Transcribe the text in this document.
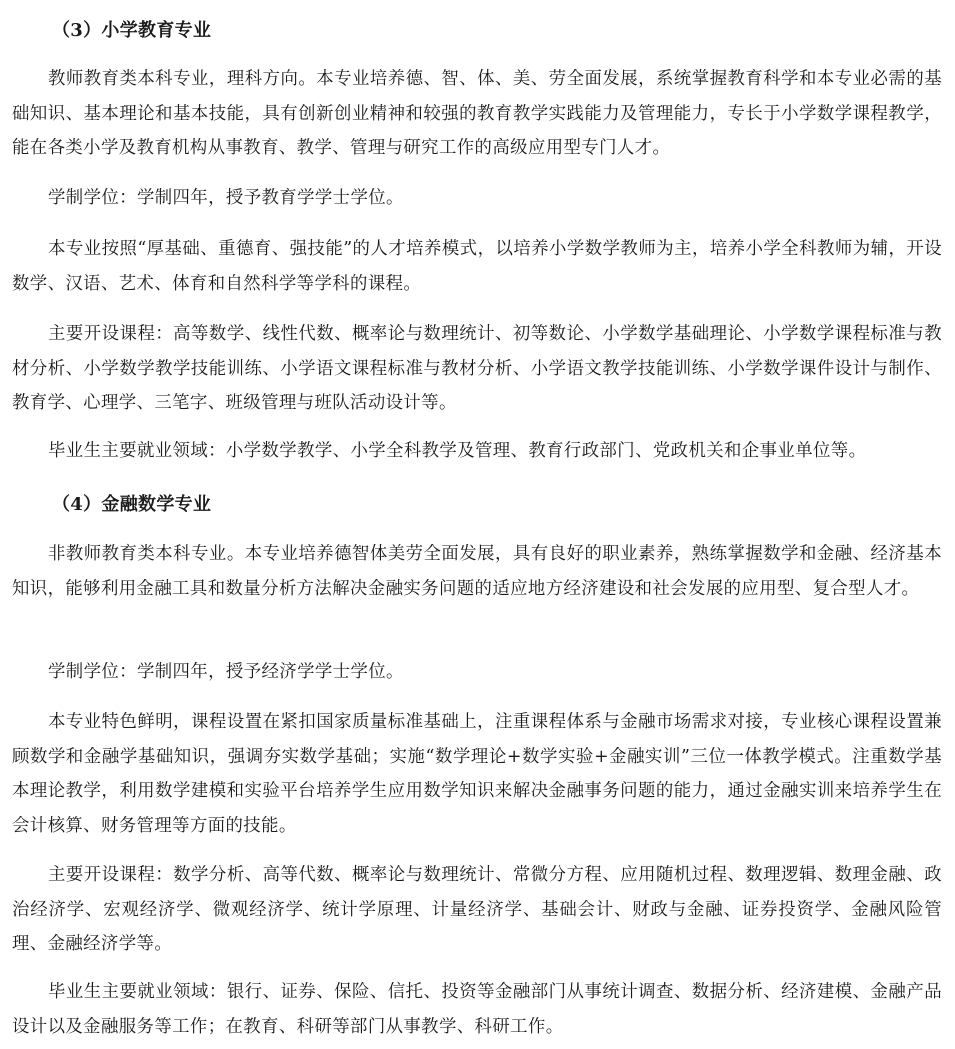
（3）小学教育专业

教师教育类本科专业，理科方向。本专业培养德、智、体、美、劳全面发展，系统掌握教育科学和本专业必需的基础知识、基本理论和基本技能，具有创新创业精神和较强的教育教学实践能力及管理能力，专长于小学数学课程教学，能在各类小学及教育机构从事教育、教学、管理与研究工作的高级应用型专门人才。

学制学位：学制四年，授予教育学学士学位。

本专业按照“厚基础、重德育、强技能”的人才培养模式，以培养小学数学教师为主，培养小学全科教师为辅，开设数学、汉语、艺术、体育和自然科学等学科的课程。

主要开设课程：高等数学、线性代数、概率论与数理统计、初等数论、小学数学基础理论、小学数学课程标准与教材分析、小学数学教学技能训练、小学语文课程标准与教材分析、小学语文教学技能训练、小学数学课件设计与制作、教育学、心理学、三笔字、班级管理与班队活动设计等。

毕业生主要就业领域：小学数学教学、小学全科教学及管理、教育行政部门、党政机关和企事业单位等。

（4）金融数学专业

非教师教育类本科专业。本专业培养德智体美劳全面发展，具有良好的职业素养，熟练掌握数学和金融、经济基本知识，能够利用金融工具和数量分析方法解决金融实务问题的适应地方经济建设和社会发展的应用型、复合型人才。

学制学位：学制四年，授予经济学学士学位。

本专业特色鲜明，课程设置在紧扣国家质量标准基础上，注重课程体系与金融市场需求对接，专业核心课程设置兼顾数学和金融学基础知识，强调夯实数学基础；实施“数学理论+数学实验+金融实训”三位一体教学模式。注重数学基本理论教学，利用数学建模和实验平台培养学生应用数学知识来解决金融事务问题的能力，通过金融实训来培养学生在会计核算、财务管理等方面的技能。

主要开设课程：数学分析、高等代数、概率论与数理统计、常微分方程、应用随机过程、数理逻辑、数理金融、政治经济学、宏观经济学、微观经济学、统计学原理、计量经济学、基础会计、财政与金融、证券投资学、金融风险管理、金融经济学等。

毕业生主要就业领域：银行、证券、保险、信托、投资等金融部门从事统计调查、数据分析、经济建模、金融产品设计以及金融服务等工作；在教育、科研等部门从事教学、科研工作。
